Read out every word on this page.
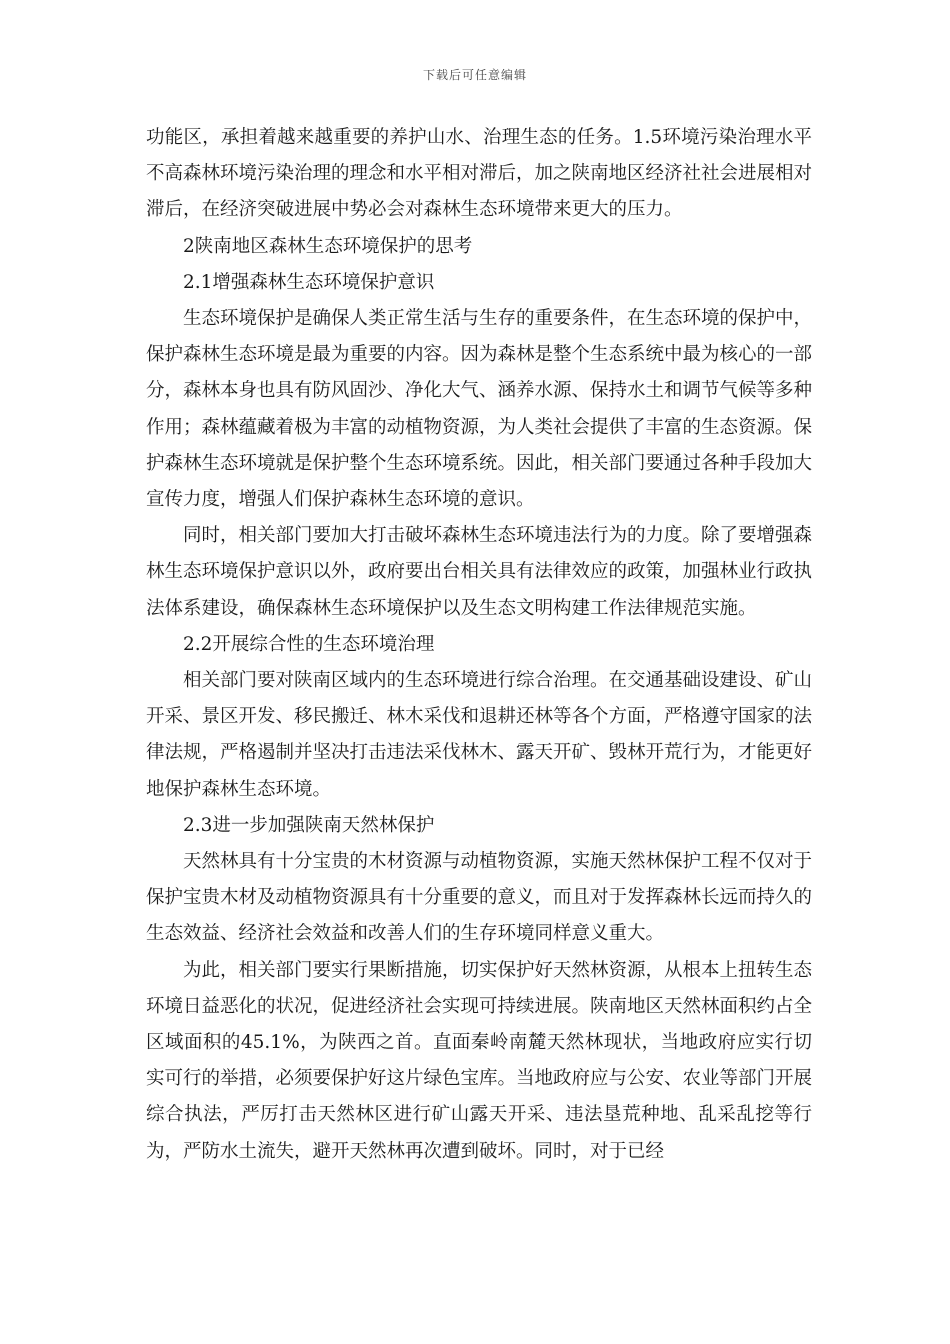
下载后可任意编辑

功能区，承担着越来越重要的养护山水、治理生态的任务。1.5环境污染治理水平不高森林环境污染治理的理念和水平相对滞后，加之陕南地区经济社社会进展相对滞后，在经济突破进展中势必会对森林生态环境带来更大的压力。

2陕南地区森林生态环境保护的思考

2.1增强森林生态环境保护意识

生态环境保护是确保人类正常生活与生存的重要条件，在生态环境的保护中，保护森林生态环境是最为重要的内容。因为森林是整个生态系统中最为核心的一部分，森林本身也具有防风固沙、净化大气、涵养水源、保持水土和调节气候等多种作用；森林蕴藏着极为丰富的动植物资源，为人类社会提供了丰富的生态资源。保护森林生态环境就是保护整个生态环境系统。因此，相关部门要通过各种手段加大宣传力度，增强人们保护森林生态环境的意识。

同时，相关部门要加大打击破坏森林生态环境违法行为的力度。除了要增强森林生态环境保护意识以外，政府要出台相关具有法律效应的政策，加强林业行政执法体系建设，确保森林生态环境保护以及生态文明构建工作法律规范实施。

2.2开展综合性的生态环境治理

相关部门要对陕南区域内的生态环境进行综合治理。在交通基础设建设、矿山开采、景区开发、移民搬迁、林木采伐和退耕还林等各个方面，严格遵守国家的法律法规，严格遏制并坚决打击违法采伐林木、露天开矿、毁林开荒行为，才能更好地保护森林生态环境。

2.3进一步加强陕南天然林保护

天然林具有十分宝贵的木材资源与动植物资源，实施天然林保护工程不仅对于保护宝贵木材及动植物资源具有十分重要的意义，而且对于发挥森林长远而持久的生态效益、经济社会效益和改善人们的生存环境同样意义重大。

为此，相关部门要实行果断措施，切实保护好天然林资源，从根本上扭转生态环境日益恶化的状况，促进经济社会实现可持续进展。陕南地区天然林面积约占全区域面积的45.1%，为陕西之首。直面秦岭南麓天然林现状，当地政府应实行切实可行的举措，必须要保护好这片绿色宝库。当地政府应与公安、农业等部门开展综合执法，严厉打击天然林区进行矿山露天开采、违法垦荒种地、乱采乱挖等行为，严防水土流失，避开天然林再次遭到破坏。同时，对于已经
